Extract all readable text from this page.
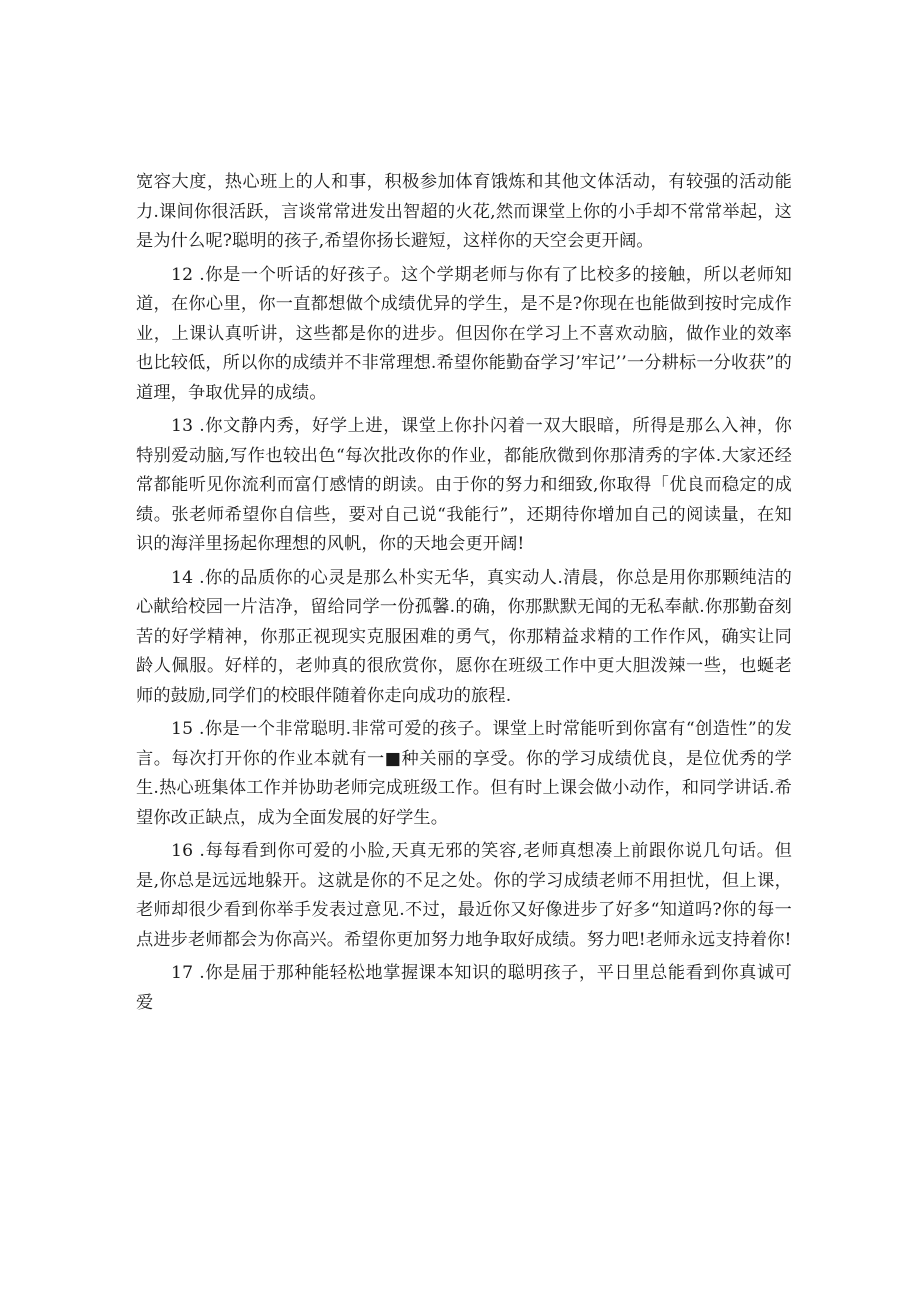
宽容大度，热心班上的人和事，积极参加体育饿炼和其他文体活动，有较强的活动能力.课间你很活跃，言谈常常进发出智超的火花,然而课堂上你的小手却不常常举起，这是为什么呢?聪明的孩子,希望你扬长避短，这样你的天空会更开阔。

12 .你是一个听话的好孩子。这个学期老师与你有了比校多的接触，所以老师知道，在你心里，你一直都想做个成绩优异的学生，是不是?你现在也能做到按时完成作业，上课认真听讲，这些都是你的进步。但因你在学习上不喜欢动脑，做作业的效率也比较低，所以你的成绩并不非常理想.希望你能勤奋学习’牢记’’一分耕标一分收获”的道理，争取优异的成绩。

13 .你文静内秀，好学上进，课堂上你扑闪着一双大眼暗，所得是那么入神，你特别爱动脑,写作也较出色“每次批改你的作业，都能欣微到你那清秀的字体.大家还经常都能听见你流利而富仃感情的朗读。由于你的努力和细致,你取得「优良而稳定的成绩。张老师希望你自信些，要对自己说“我能行”，还期待你增加自己的阅读量，在知识的海洋里扬起你理想的风帆，你的天地会更开阔!

14 .你的品质你的心灵是那么朴实无华，真实动人.清晨，你总是用你那颗纯洁的心献给校园一片洁净，留给同学一份孤馨.的确，你那默默无闻的无私奉献.你那勤奋刻苦的好学精神，你那正视现实克服困难的勇气，你那精益求精的工作作风，确实让同龄人佩服。好样的，老帅真的很欣赏你，愿你在班级工作中更大胆泼辣一些，也蜒老师的鼓励,同学们的校眼伴随着你走向成功的旅程.

15 .你是一个非常聪明.非常可爱的孩子。课堂上时常能听到你富有“创造性”的发言。每次打开你的作业本就有一■种关丽的享受。你的学习成绩优良，是位优秀的学生.热心班集体工作并协助老师完成班级工作。但有时上课会做小动作，和同学讲话.希望你改正缺点，成为全面发展的好学生。

16 .每每看到你可爱的小脸,天真无邪的笑容,老师真想凑上前跟你说几句话。但是,你总是远远地躲开。这就是你的不足之处。你的学习成绩老师不用担忧，但上课，老师却很少看到你举手发表过意见.不过，最近你又好像进步了好多“知道吗?你的每一点进步老师都会为你高兴。希望你更加努力地争取好成绩。努力吧!老师永远支持着你!

17 .你是届于那种能轻松地掌握课本知识的聪明孩子，平日里总能看到你真诚可爱
